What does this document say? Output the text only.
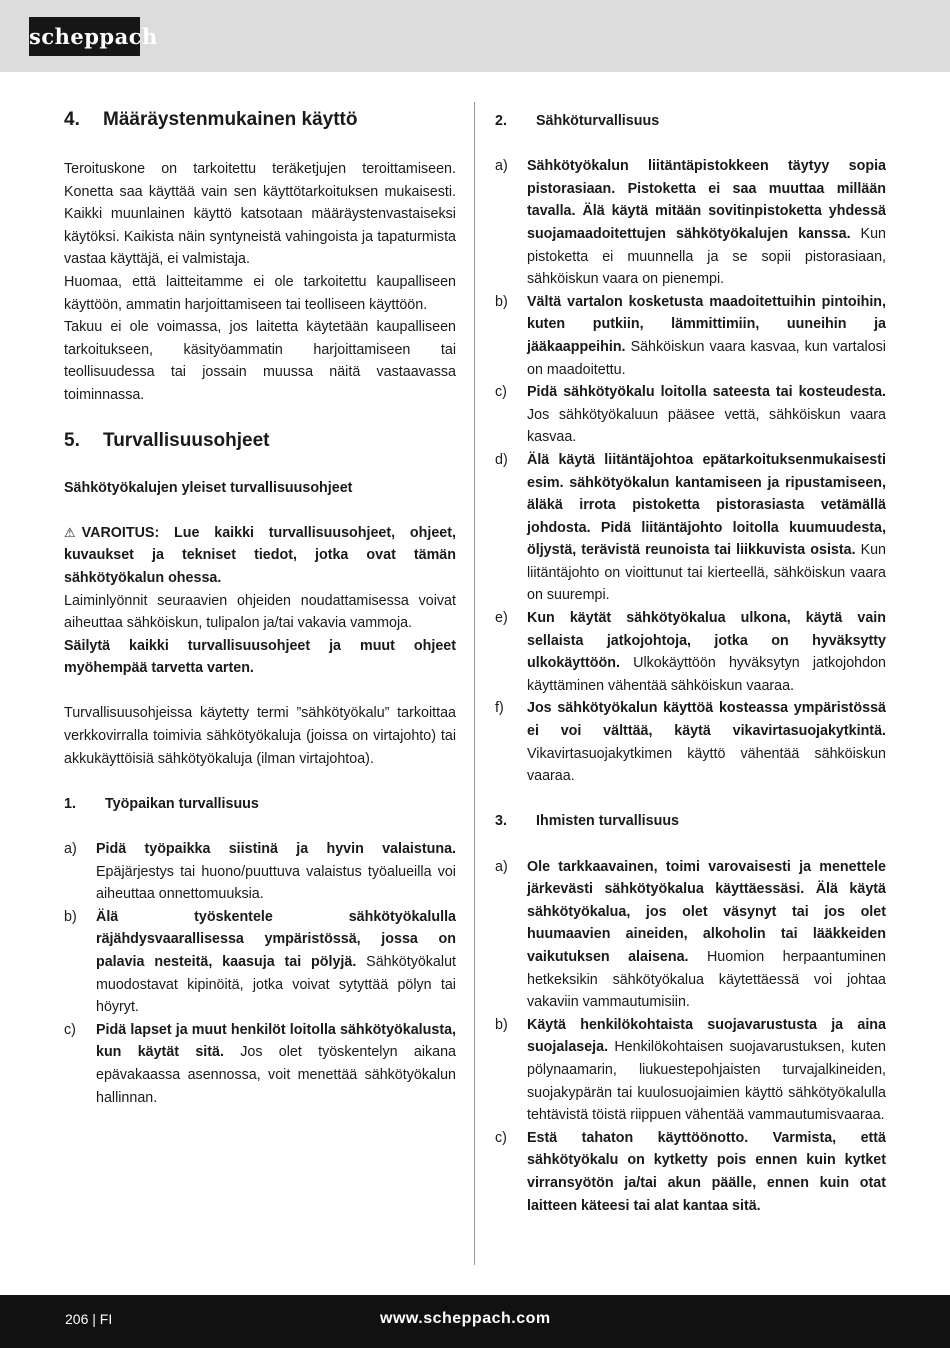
scheppach
4.	Määräystenmukainen käyttö

Teroituskone on tarkoitettu teräketjujen teroittamiseen. Konetta saa käyttää vain sen käyttötarkoituksen mukaisesti. Kaikki muunlainen käyttö katsotaan määräystenvastaiseksi käytöksi. Kaikista näin syntyneistä vahingoista ja tapaturmista vastaa käyttäjä, ei valmistaja.

Huomaa, että laitteitamme ei ole tarkoitettu kaupalliseen käyttöön, ammatin harjoittamiseen tai teolliseen käyttöön.

Takuu ei ole voimassa, jos laitetta käytetään kaupalliseen tarkoitukseen, käsityöammatin harjoittamiseen tai teollisuudessa tai jossain muussa näitä vastaavassa toiminnassa.

5.	Turvallisuusohjeet

Sähkötyökalujen yleiset turvallisuusohjeet

⚠ VAROITUS: Lue kaikki turvallisuusohjeet, ohjeet, kuvaukset ja tekniset tiedot, jotka ovat tämän sähkötyökalun ohessa.

Laiminlyönnit seuraavien ohjeiden noudattamisessa voivat aiheuttaa sähköiskun, tulipalon ja/tai vakavia vammoja.

Säilytä kaikki turvallisuusohjeet ja muut ohjeet myöhempää tarvetta varten.

Turvallisuusohjeissa käytetty termi ”sähkötyökalu” tarkoittaa verkkovirralla toimivia sähkötyökaluja (joissa on virtajohto) tai akkukäyttöisiä sähkötyökaluja (ilman virtajohtoa).

1.	Työpaikan turvallisuus
a)	Pidä työpaikka siistinä ja hyvin valaistuna. Epäjärjestys tai huono/puuttuva valaistus työalueilla voi aiheuttaa onnettomuuksia.
b)	Älä työskentele sähkötyökalulla räjähdysvaarallisessa ympäristössä, jossa on palavia nesteitä, kaasuja tai pölyjä. Sähkötyökalut muodostavat kipinöitä, jotka voivat sytyttää pölyn tai höyryt.
c)	Pidä lapset ja muut henkilöt loitolla sähkötyökalusta, kun käytät sitä. Jos olet työskentelyn aikana epävakaassa asennossa, voit menettää sähkötyökalun hallinnan.
2.	Sähköturvallisuus
a)	Sähkötyökalun liitäntäpistokkeen täytyy sopia pistorasiaan. Pistoketta ei saa muuttaa millään tavalla. Älä käytä mitään sovitinpistoketta yhdessä suojamaadoitettujen sähkötyökalujen kanssa. Kun pistoketta ei muunnella ja se sopii pistorasiaan, sähköiskun vaara on pienempi.
b)	Vältä vartalon kosketusta maadoitettuihin pintoihin, kuten putkiin, lämmittimiin, uuneihin ja jääkaappeihin. Sähköiskun vaara kasvaa, kun vartalosi on maadoitettu.
c)	Pidä sähkötyökalu loitolla sateesta tai kosteudesta. Jos sähkötyökaluun pääsee vettä, sähköiskun vaara kasvaa.
d)	Älä käytä liitäntäjohtoa epätarkoituksenmukaisesti esim. sähkötyökalun kantamiseen ja ripustamiseen, äläkä irrota pistoketta pistorasiasta vetämällä johdosta. Pidä liitäntäjohto loitolla kuumuudesta, öljystä, terävistä reunoista tai liikkuvista osista. Kun liitäntäjohto on vioittunut tai kierteellä, sähköiskun vaara on suurempi.
e)	Kun käytät sähkötyökalua ulkona, käytä vain sellaista jatkojohtoja, jotka on hyväksytty ulkokäyttöön. Ulkokäyttöön hyväksytyn jatkojohdon käyttäminen vähentää sähköiskun vaaraa.
f)	Jos sähkötyökalun käyttöä kosteassa ympäristössä ei voi välttää, käytä vikavirtasuojakytkintä. Vikavirtasuojakytkimen käyttö vähentää sähköiskun vaaraa.
3.	Ihmisten turvallisuus
a)	Ole tarkkaavainen, toimi varovaisesti ja menettele järkevästi sähkötyökalua käyttäessäsi. Älä käytä sähkötyökalua, jos olet väsynyt tai jos olet huumaavien aineiden, alkoholin tai lääkkeiden vaikutuksen alaisena. Huomion herpaantuminen hetkeksikin sähkötyökalua käytettäessä voi johtaa vakaviin vammautumisiin.
b)	Käytä henkilökohtaista suojavarustusta ja aina suojalaseja. Henkilökohtaisen suojavarustuksen, kuten pölynaamarin, liukuestepohjaisten turvajalkineiden, suojakypärän tai kuulosuojaimien käyttö sähkötyökalulla tehtävistä töistä riippuen vähentää vammautumisvaaraa.
c)	Estä tahaton käyttöönotto. Varmista, että sähkötyökalu on kytketty pois ennen kuin kytket virransyötön ja/tai akun päälle, ennen kuin otat laitteen käteesi tai alat kantaa sitä.
206 | FI	www.scheppach.com
